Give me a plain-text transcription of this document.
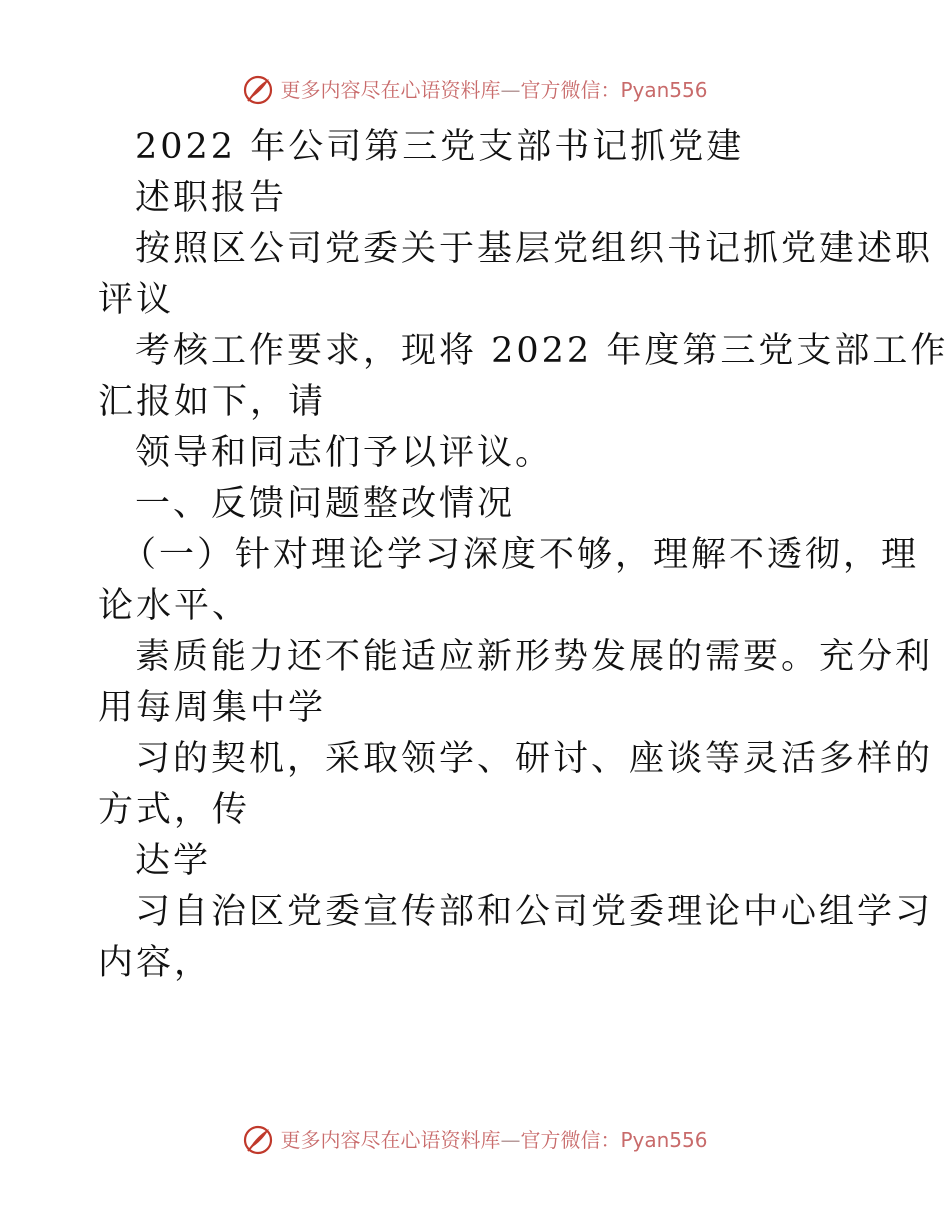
更多内容尽在心语资料库 — 官方微信：Pyan556
2022 年公司第三党支部书记抓党建
述职报告
按照区公司党委关于基层党组织书记抓党建述职
评议
考核工作要求，现将 2022 年度第三党支部工作
汇报如下，请
领导和同志们予以评议。
一、反馈问题整改情况
（一）针对理论学习深度不够，理解不透彻，理
论水平、
素质能力还不能适应新形势发展的需要。充分利
用每周集中学
习的契机，采取领学、研讨、座谈等灵活多样的
方式，传
达学
习自治区党委宣传部和公司党委理论中心组学习
内容，
更多内容尽在心语资料库 — 官方微信：Pyan556
